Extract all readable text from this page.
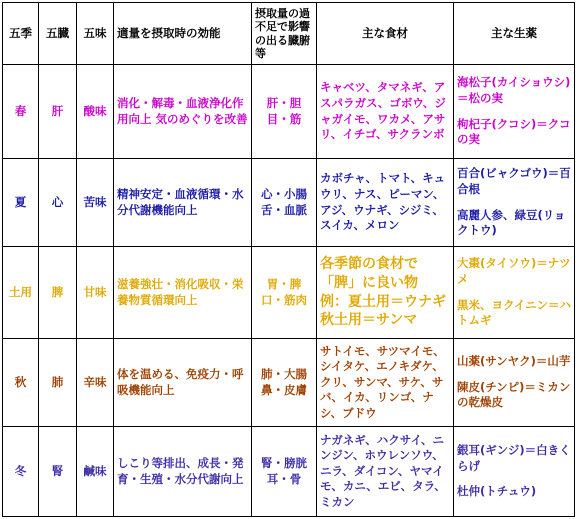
五季	五臓	五味	適量を摂取時の効能	摂取量の過不足で影響の出る臓腑等	主な食材	主な生薬
春	肝	酸味	消化・解毒・血液浄化作用向上 気のめぐりを改善	肝・胆 目・筋	キャベツ、タマネギ、アスパラガス、ゴボウ、ジャガイモ、ワカメ、アサリ、イチゴ、サクランボ	海松子(カイショウシ)＝松の実
枸杞子(クコシ)＝クコの実

夏	心	苦味	精神安定・血液循環・水分代謝機能向上	心・小腸 舌・血脈	カボチャ、トマト、キュウリ、ナス、ピーマン、アジ、ウナギ、シジミ、スイカ、メロン	百合(ビャクゴウ)＝百合根
高麗人参、緑豆(リョクトウ)

土用	脾	甘味	滋養強壮・消化吸収・栄養物質循環向上	胃・脾 口・筋肉	各季節の食材で「脾」に良い物 例：夏土用＝ウナギ 秋土用＝サンマ	大棗(タイソウ)＝ナツメ
黒米、ヨクイニン＝ハトムギ

秋	肺	辛味	体を温める、免疫力・呼吸機能向上	肺・大腸 鼻・皮膚	サトイモ、サツマイモ、シイタケ、エノキダケ、クリ、サンマ、サケ、サバ、イカ、リンゴ、ナシ、ブドウ	山薬(サンヤク)＝山芋
陳皮(チンピ)＝ミカンの乾燥皮

冬	腎	鹹味	しこり等排出、成長・発育・生殖・水分代謝向上	腎・膀胱 耳・骨	ナガネギ、ハクサイ、ニンジン、ホウレンソウ、ニラ、ダイコン、ヤマイモ、カニ、エビ、タラ、ミカン	銀耳(ギンジ)＝白きくらげ
杜仲(トチュウ)
